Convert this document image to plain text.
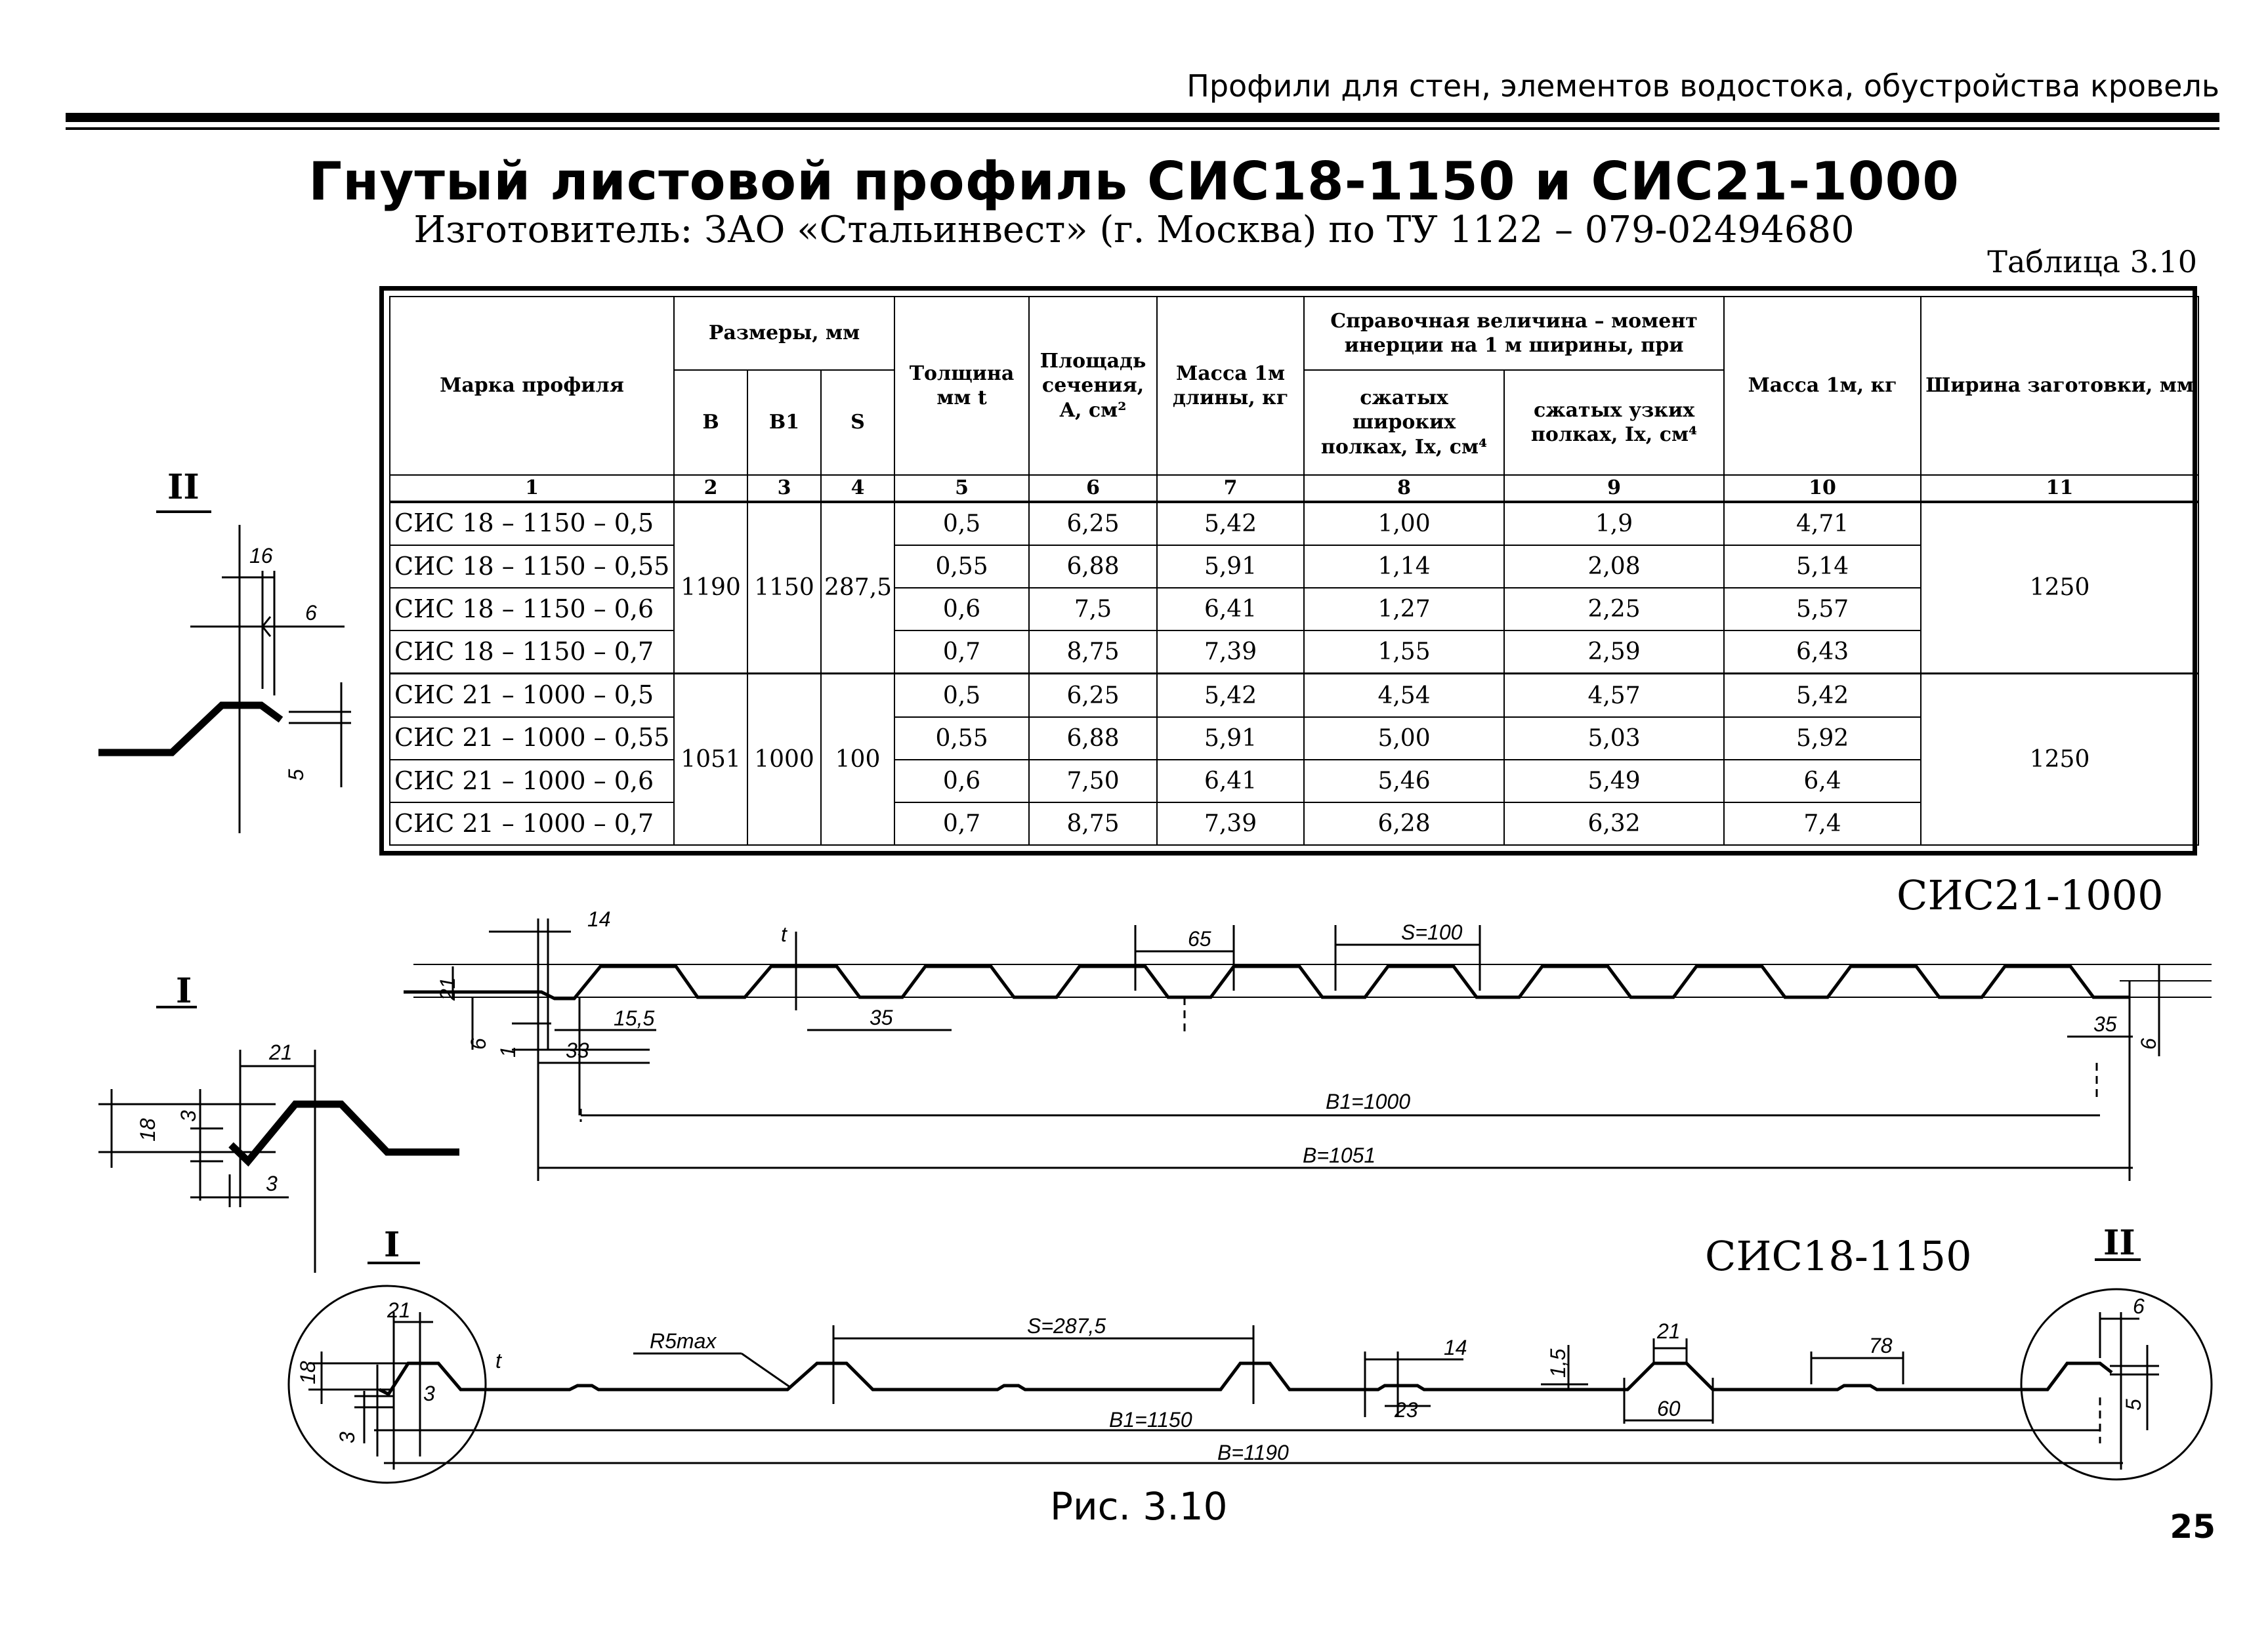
Профили для стен, элементов водостока, обустройства кровель
Гнутый листовой профиль СИС18-1150 и СИС21-1000
Изготовитель: ЗАО «Стальинвест» (г. Москва) по ТУ 1122 – 079-02494680
Таблица 3.10
Марка профиля	Размеры, мм			Толщина мм t	Площадь сечения, A, см²	Масса 1м длины, кг	Справочная величина – момент инерции на 1 м ширины, при		Масса 1м, кг	Ширина заготовки, мм
	B	B1	S				сжатых широких полках, Ix, см⁴	сжатых узких полках, Ix, см⁴		
1	2	3	4	5	6	7	8	9	10	11
СИС 18 – 1150 – 0,5	1190	1150	287,5	0,5	6,25	5,42	1,00	1,9	4,71	1250
СИС 18 – 1150 – 0,55				0,55	6,88	5,91	1,14	2,08	5,14	
СИС 18 – 1150 – 0,6				0,6	7,5	6,41	1,27	2,25	5,57	
СИС 18 – 1150 – 0,7				0,7	8,75	7,39	1,55	2,59	6,43	
СИС 21 – 1000 – 0,5	1051	1000	100	0,5	6,25	5,42	4,54	4,57	5,42	1250
СИС 21 – 1000 – 0,55				0,55	6,88	5,91	5,00	5,03	5,92	
СИС 21 – 1000 – 0,6				0,6	7,50	6,41	5,46	5,49	6,4	
СИС 21 – 1000 – 0,7				0,7	8,75	7,39	6,28	6,32	7,4	
СИС21-1000
СИС18-1150
II
16
6
5
I
21
3
18
3
14
t	65	S=100
21
6
1
15,5
33
35	35
6
B1=1000
B=1051
I	II
21
18
3
3
t
R5max
S=287,5
14
1,5
21
78
23	60
6
5
B1=1150
B=1190
Рис. 3.10	25
